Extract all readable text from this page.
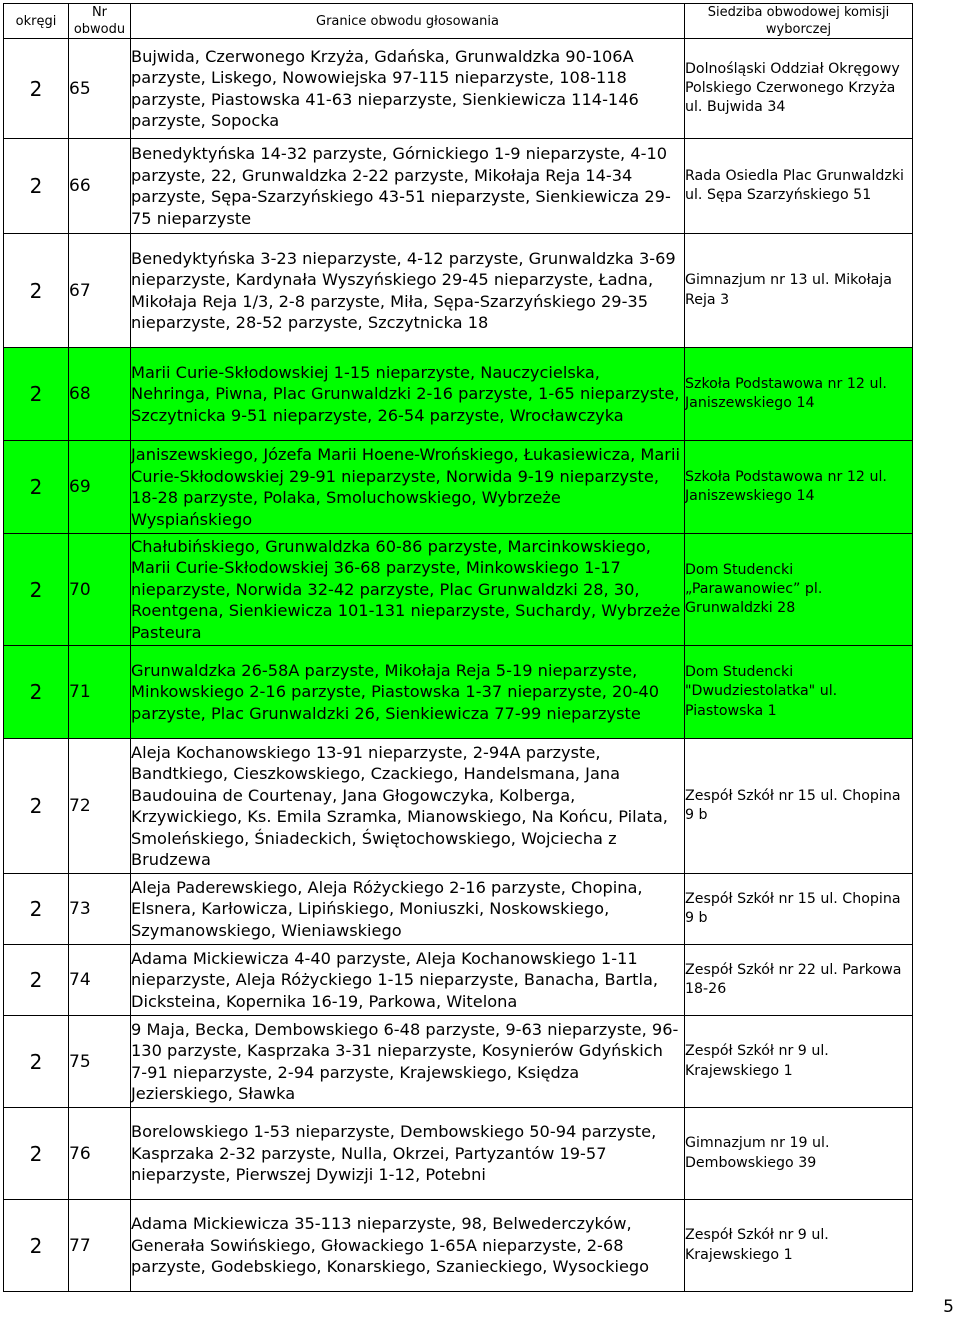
okręgi	Nr obwodu	Granice obwodu głosowania	Siedziba obwodowej komisji wyborczej
2	65	Bujwida, Czerwonego Krzyża, Gdańska, Grunwaldzka 90-106A parzyste, Liskego, Nowowiejska 97-115 nieparzyste, 108-118 parzyste, Piastowska 41-63 nieparzyste, Sienkiewicza 114-146 parzyste, Sopocka	Dolnośląski Oddział Okręgowy Polskiego Czerwonego Krzyża ul. Bujwida 34
2	66	Benedyktyńska 14-32 parzyste, Górnickiego 1-9 nieparzyste, 4-10 parzyste, 22, Grunwaldzka 2-22 parzyste, Mikołaja Reja 14-34 parzyste, Sępa-Szarzyńskiego 43-51 nieparzyste, Sienkiewicza 29-75 nieparzyste	Rada Osiedla Plac Grunwaldzki ul. Sępa Szarzyńskiego 51
2	67	Benedyktyńska 3-23 nieparzyste, 4-12 parzyste, Grunwaldzka 3-69 nieparzyste, Kardynała Wyszyńskiego 29-45 nieparzyste, Ładna, Mikołaja Reja 1/3, 2-8 parzyste, Miła, Sępa-Szarzyńskiego 29-35 nieparzyste, 28-52 parzyste, Szczytnicka 18	Gimnazjum nr 13 ul. Mikołaja Reja 3
2	68	Marii Curie-Skłodowskiej 1-15 nieparzyste, Nauczycielska, Nehringa, Piwna, Plac Grunwaldzki 2-16 parzyste, 1-65 nieparzyste, Szczytnicka 9-51 nieparzyste, 26-54 parzyste, Wrocławczyka	Szkoła Podstawowa nr 12 ul. Janiszewskiego 14
2	69	Janiszewskiego, Józefa Marii Hoene-Wrońskiego, Łukasiewicza, Marii Curie-Skłodowskiej 29-91 nieparzyste, Norwida 9-19 nieparzyste, 18-28 parzyste, Polaka, Smoluchowskiego, Wybrzeże Wyspiańskiego	Szkoła Podstawowa nr 12 ul. Janiszewskiego 14
2	70	Chałubińskiego, Grunwaldzka 60-86 parzyste, Marcinkowskiego, Marii Curie-Skłodowskiej 36-68 parzyste, Minkowskiego 1-17 nieparzyste, Norwida 32-42 parzyste, Plac Grunwaldzki 28, 30, Roentgena, Sienkiewicza 101-131 nieparzyste, Suchardy, Wybrzeże Pasteura	Dom Studencki „Parawanowiec” pl. Grunwaldzki 28
2	71	Grunwaldzka 26-58A parzyste, Mikołaja Reja 5-19 nieparzyste, Minkowskiego 2-16 parzyste, Piastowska 1-37 nieparzyste, 20-40 parzyste, Plac Grunwaldzki 26, Sienkiewicza 77-99 nieparzyste	Dom Studencki "Dwudziestolatka" ul. Piastowska 1
2	72	Aleja Kochanowskiego 13-91 nieparzyste, 2-94A parzyste, Bandtkiego, Cieszkowskiego, Czackiego, Handelsmana, Jana Baudouina de Courtenay, Jana Głogowczyka, Kolberga, Krzywickiego, Ks. Emila Szramka, Mianowskiego, Na Końcu, Pilata, Smoleńskiego, Śniadeckich, Świętochowskiego, Wojciecha z Brudzewa	Zespół Szkół nr 15 ul. Chopina 9 b
2	73	Aleja Paderewskiego, Aleja Różyckiego 2-16 parzyste, Chopina, Elsnera, Karłowicza, Lipińskiego, Moniuszki, Noskowskiego, Szymanowskiego, Wieniawskiego	Zespół Szkół nr 15 ul. Chopina 9 b
2	74	Adama Mickiewicza 4-40 parzyste, Aleja Kochanowskiego 1-11 nieparzyste, Aleja Różyckiego 1-15 nieparzyste, Banacha, Bartla, Dicksteina, Kopernika 16-19, Parkowa, Witelona	Zespół Szkół nr 22 ul. Parkowa 18-26
2	75	9 Maja, Becka, Dembowskiego 6-48 parzyste, 9-63 nieparzyste, 96-130 parzyste, Kasprzaka 3-31 nieparzyste, Kosynierów Gdyńskich 7-91 nieparzyste, 2-94 parzyste, Krajewskiego, Księdza Jezierskiego, Sławka	Zespół Szkół nr 9 ul. Krajewskiego 1
2	76	Borelowskiego 1-53 nieparzyste, Dembowskiego 50-94 parzyste, Kasprzaka 2-32 parzyste, Nulla, Okrzei, Partyzantów 19-57 nieparzyste, Pierwszej Dywizji 1-12, Potebni	Gimnazjum nr 19 ul. Dembowskiego 39
2	77	Adama Mickiewicza 35-113 nieparzyste, 98, Belwederczyków, Generała Sowińskiego, Głowackiego 1-65A nieparzyste, 2-68 parzyste, Godebskiego, Konarskiego, Szanieckiego, Wysockiego	Zespół Szkół nr 9 ul. Krajewskiego 1
5
